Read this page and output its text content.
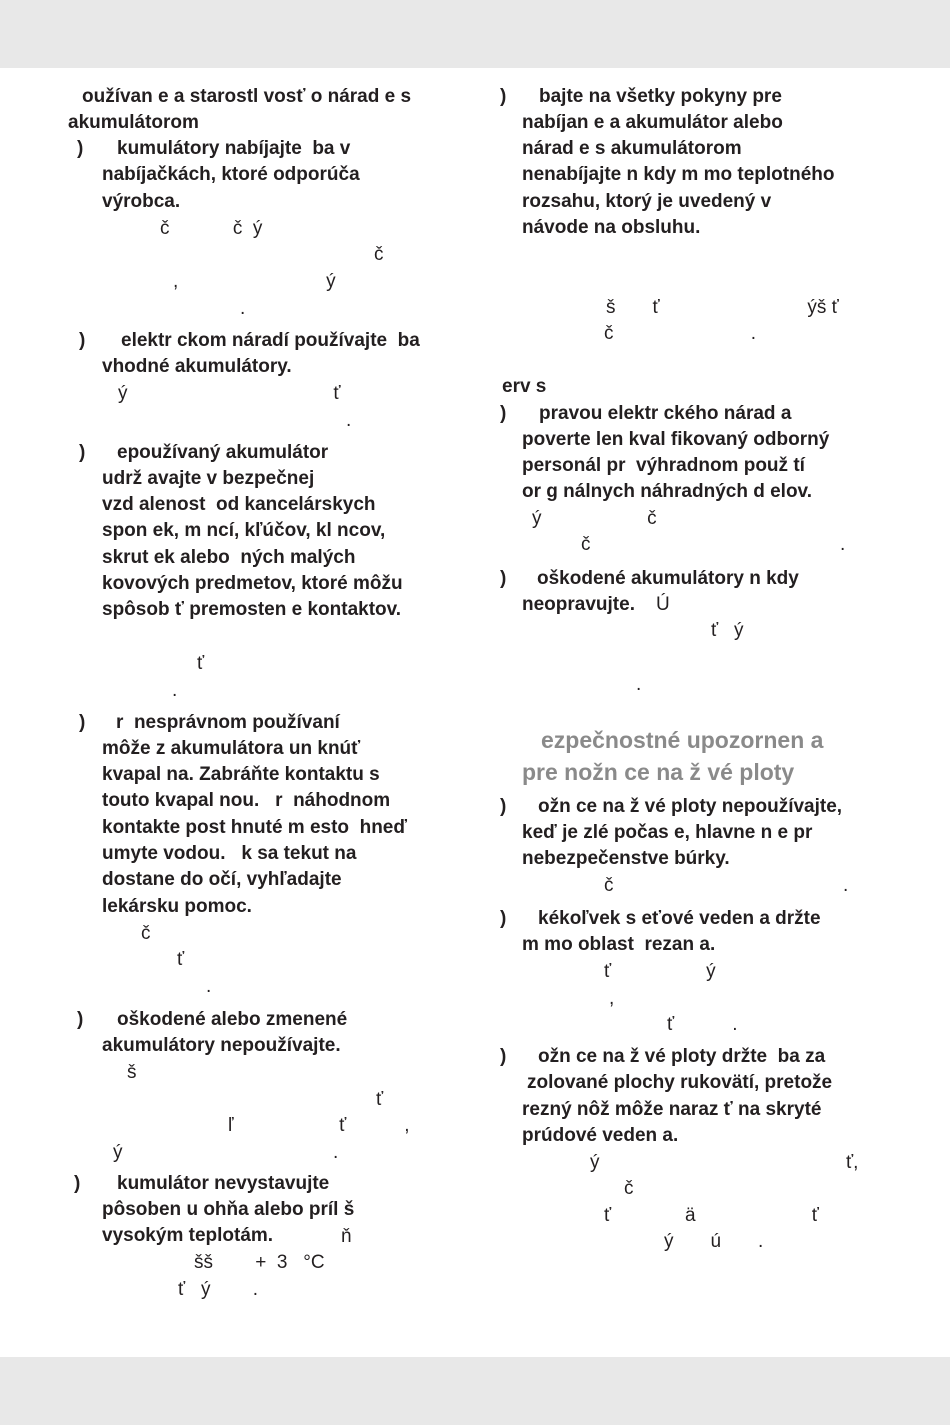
oužívan e a starostl vosť o nárad e s
akumulátorom
) kumulátory nabíjajte  ba v
nabíjačkách, ktoré odporúča
výrobca.
č            č  ý
č
,                            ý
.
) elektr ckom náradí používajte  ba
vhodné akumulátory.
ý                                       ť
.
) epoužívaný akumulátor
udrž avajte v bezpečnej
vzd alenost  od kancelárskych
spon ek, m ncí, kľúčov, kl ncov,
skrut ek alebo  ných malých
kovových predmetov, ktoré môžu
spôsob ť premosten e kontaktov.
ť
.
) r  nesprávnom používaní
môže z akumulátora un knúť
kvapal na. Zabráňte kontaktu s
touto kvapal nou.   r  náhodnom
kontakte post hnuté m esto  hneď
umyte vodou.   k sa tekut na
dostane do očí, vyhľadajte
lekársku pomoc.
č
ť
.
) oškodené alebo zmenené
akumulátory nepoužívajte.
š
ť
ľ                    ť           ,
ý	.
) kumulátor nevystavujte
pôsoben u ohňa alebo príl š
vysokým teplotám.	ň
šš        +  3   °C
ť   ý        .
) bajte na všetky pokyny pre
nabíjan e a akumulátor alebo
nárad e s akumulátorom
nenabíjajte n kdy m mo teplotného
rozsahu, ktorý je uvedený v
návode na obsluhu.
š       ť                            ýš ť
č                          .
erv s
) pravou elektr ckého nárad a
poverte len kval fikovaný odborný
personál pr  výhradnom použ tí
or g nálnych náhradných d elov.
ý                    č
č	.
) oškodené akumulátory n kdy
neopravujte. Ú
ť   ý
.
ezpečnostné upozornen a
pre nožn ce na ž vé ploty
) ožn ce na ž vé ploty nepoužívajte,
keď je zlé počas e, hlavne n e pr
nebezpečenstve búrky.
č	.
) kékoľvek s eťové veden a držte
m mo oblast  rezan a.
ť                  ý
,
ť           .
) ožn ce na ž vé ploty držte  ba za
zolované plochy rukovätí, pretože
rezný nôž môže naraz ť na skryté
prúdové veden a.
ý	ť,
č
ť              ä                      ť
ý       ú       .
